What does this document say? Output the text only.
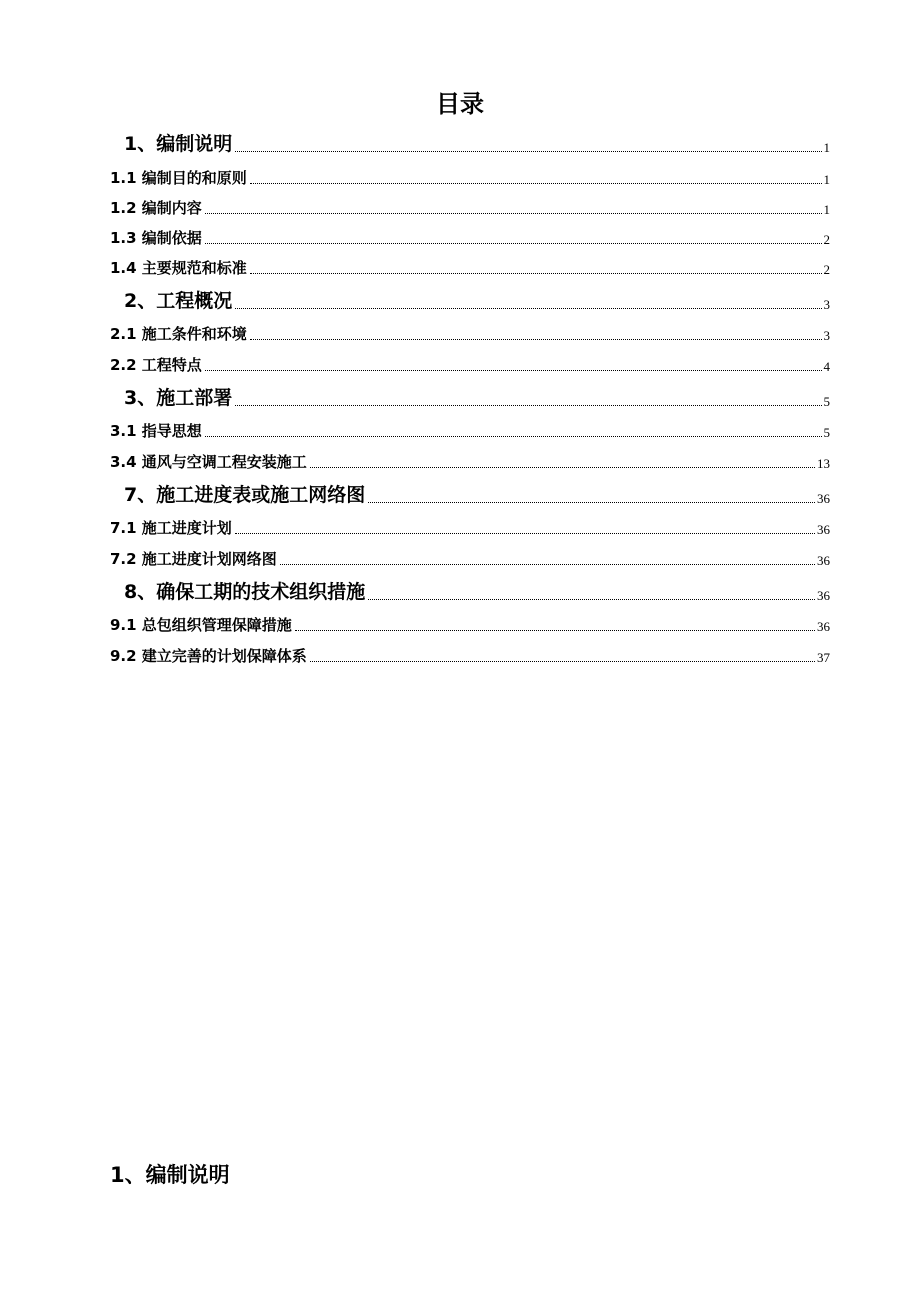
目录
1、编制说明	1
1.1 编制目的和原则	1
1.2 编制内容	1
1.3 编制依据	2
1.4 主要规范和标准	2
2、工程概况	3
2.1 施工条件和环境	3
2.2 工程特点	4
3、施工部署	5
3.1 指导思想	5
3.4 通风与空调工程安装施工	13
7、施工进度表或施工网络图	36
7.1 施工进度计划	36
7.2 施工进度计划网络图	36
8、确保工期的技术组织措施	36
9.1 总包组织管理保障措施	36
9.2 建立完善的计划保障体系	37
1、编制说明
